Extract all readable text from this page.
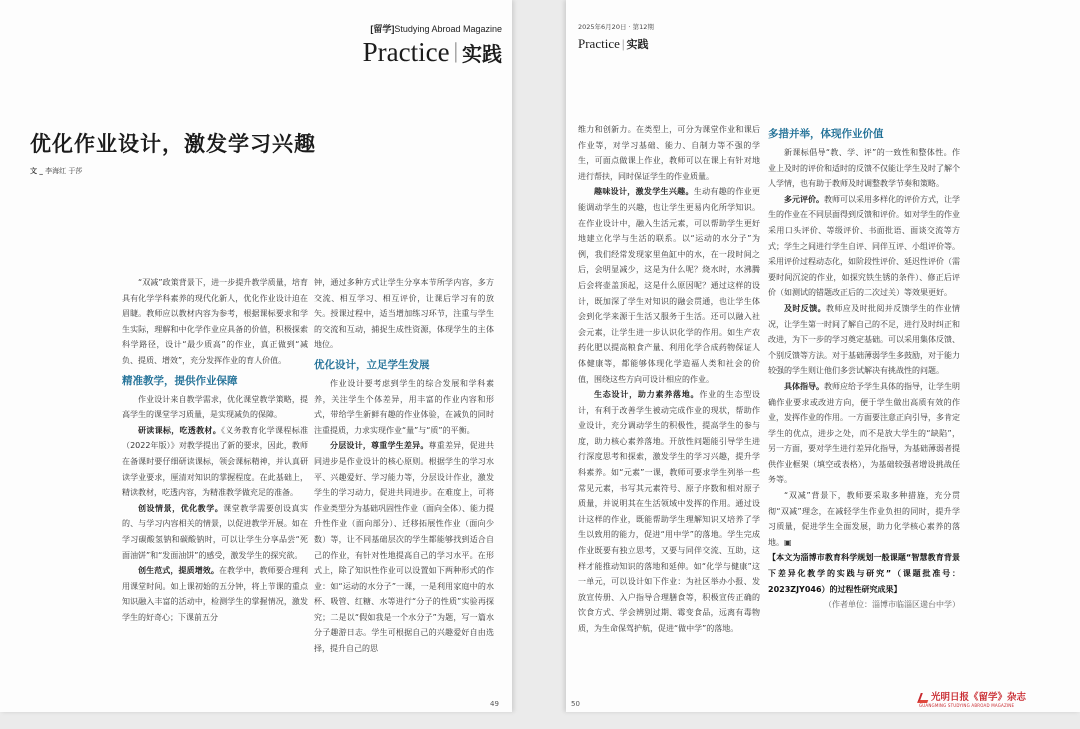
[留学]Studying Abroad Magazine
Practice | 实践
优化作业设计，激发学习兴趣
文 _ 李海红 于莎

“双减”政策背景下，进一步提升教学质量，培育具有化学学科素养的现代化新人，优化作业设计迫在眉睫。教师应以教材内容为参考，根据课标要求和学生实际，理解和中化学作业应具备的价值，积极探索科学路径，设计“最少质高”的作业，真正做到“减负、提质、增效”，充分发挥作业的育人价值。

精准教学，提供作业保障

作业设计来自教学需求，优化课堂教学策略，提高学生的课堂学习质量，是实现减负的保障。

研读课标，吃透教材。《义务教育化学课程标准（2022年版）》对教学提出了新的要求，因此，教师在备课时要仔细研读课标，领会课标精神，并认真研读学业要求，厘清对知识的掌握程度。在此基础上，精读教材，吃透内容，为精准教学做充足的准备。

创设情景，优化教学。课堂教学需要创设真实的、与学习内容相关的情景，以促进教学开展。如在学习碳酸氢钠和碳酸钠时，可以让学生分享品尝“死面油饼”和“发面油饼”的感受，激发学生的探究欲。

创生范式，提质增效。在教学中，教师要合理利用课堂时间。如上课初始的五分钟，将上节课的重点知识融入丰富的活动中，检测学生的掌握情况，激发学生的好奇心；下课前五分

钟，通过多种方式让学生分享本节所学内容，多方交流、相互学习、相互评价，让课后学习有的放矢。授课过程中，适当增加练习环节，注重与学生的交流和互动，捕捉生成性资源，体现学生的主体地位。

优化设计，立足学生发展

作业设计要考虑到学生的综合发展和学科素养，关注学生个体差异，用丰富的作业内容和形式，带给学生新鲜有趣的作业体验，在减负的同时注重提质，力求实现作业“量”与“质”的平衡。

分层设计，尊重学生差异。尊重差异，促进共同进步是作业设计的核心原则。根据学生的学习水平、兴趣爱好、学习能力等，分层设计作业，激发学生的学习动力，促进共同进步。在难度上，可将作业类型分为基础巩固性作业（面向全体）、能力提升性作业（面向部分）、迁移拓展性作业（面向少数）等，让不同基础层次的学生都能够找到适合自己的作业，有针对性地提高自己的学习水平。在形式上，除了知识性作业可以设置如下两种形式的作业：如“运动的水分子”一课，一是利用家庭中的水杯、吸管、红糖、水等进行“分子的性质”实验再探究；二是以“假如我是一个水分子”为题，写一篇水分子趣游日志。学生可根据自己的兴趣爱好自由选择，提升自己的思

49
2025年6月20日 · 第12期
Practice | 实践

维力和创新力。在类型上，可分为课堂作业和课后作业等，对学习基础、能力、自制力等不强的学生，可面点做课上作业，教师可以在课上有针对地进行帮扶，同时保证学生的作业质量。

趣味设计，激发学生兴趣。生动有趣的作业更能调动学生的兴趣，也让学生更易内化所学知识。在作业设计中，融入生活元素，可以帮助学生更好地建立化学与生活的联系。以“运动的水分子”为例，我们经常发现家里鱼缸中的水，在一段时间之后，会明显减少，这是为什么呢？烧水时，水沸腾后会将壶盖顶起，这是什么原因呢？通过这样的设计，既加深了学生对知识的融会贯通，也让学生体会到化学来源于生活又服务于生活。还可以融入社会元素，让学生进一步认识化学的作用。如生产农药化肥以提高粮食产量、利用化学合成药物保证人体健康等，都能够体现化学造福人类和社会的价值，围绕这些方向可设计相应的作业。

生态设计，助力素养落地。作业的生态型设计，有利于改善学生被动完成作业的现状，帮助作业设计，充分调动学生的积极性，提高学生的参与度，助力核心素养落地。开放性问题能引导学生进行深度思考和探索，激发学生的学习兴趣，提升学科素养。如“元素”一课，教师可要求学生列举一些常见元素，书写其元素符号、原子序数和相对原子质量，并说明其在生活领域中发挥的作用。通过设计这样的作业，既能帮助学生理解知识又培养了学生以致用的能力，促进“用中学”的落地。学生完成作业既要有独立思考，又要与同伴交流、互助，这样才能推动知识的落地和延伸。如“化学与健康”这一单元，可以设计如下作业：为社区举办小报、发放宣传册、入户指导合理膳食等，积极宣传正确的饮食方式、学会辨别过期、霉变食品，远离有毒物质，为生命保驾护航，促进“做中学”的落地。

多措并举，体现作业价值

新课标倡导“教、学、评”的一致性和整体性。作业上及时的评价和适时的反馈不仅能让学生及时了解个人学情，也有助于教师及时调整教学节奏和策略。

多元评价。教师可以采用多样化的评价方式，让学生的作业在不同层面得到反馈和评价。如对学生的作业采用口头评价、等级评价、书面批语、面谈交流等方式；学生之间进行学生自评、同伴互评、小组评价等。采用评价过程动态化，如阶段性评价、延迟性评价（需要时间沉淀的作业，如探究铁生锈的条件）、修正后评价（如测试的错题改正后的二次过关）等效果更好。

及时反馈。教师应及时批阅并反馈学生的作业情况，让学生第一时间了解自己的不足，进行及时纠正和改进，为下一步的学习奠定基础。可以采用集体反馈、个别反馈等方法。对于基础薄弱学生多鼓励，对于能力较强的学生则让他们多尝试解决有挑战性的问题。

具体指导。教师应给予学生具体的指导，让学生明确作业要求或改进方向，便于学生做出高质有效的作业，发挥作业的作用。一方面要注意正向引导，多肯定学生的优点，进步之处，而不是放大学生的“缺陷”，另一方面，要对学生进行差异化指导，为基础薄弱者提供作业框架（填空或表格），为基础较强者增设挑战任务等。

“双减”背景下，教师要采取多种措施，充分贯彻“双减”理念，在减轻学生作业负担的同时，提升学习质量，促进学生全面发展，助力化学核心素养的落地。▣

【本文为淄博市教育科学规划一般课题“智慧教育背景下差异化教学的实践与研究”（课题批准号：2023ZJY046）的过程性研究成果】

（作者单位：淄博市临淄区遄台中学）

50
光明日报《留学》杂志
GUANGMING STUDYING ABROAD MAGAZINE
